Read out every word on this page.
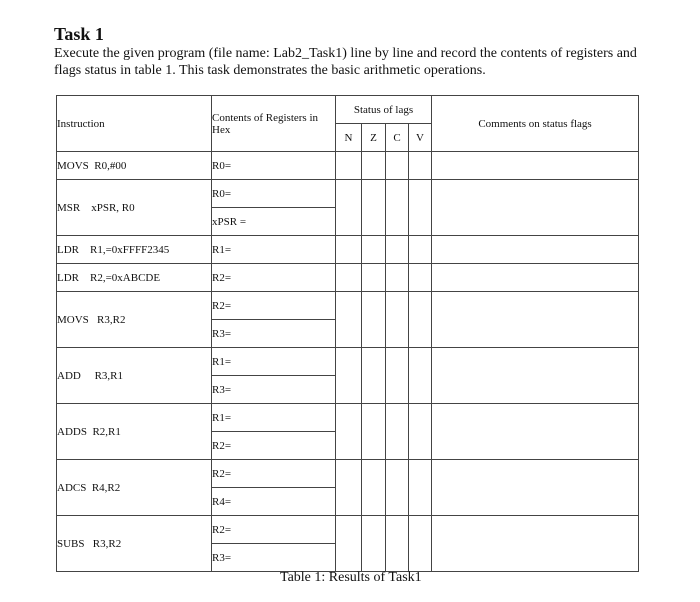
Task 1

Execute the given program (file name: Lab2_Task1) line by line and record the contents of registers and flags status in table 1. This task demonstrates the basic arithmetic operations.

Instruction	Contents of Registers in Hex	Status of lags				Comments on status flags
		N	Z	C	V	
MOVS  R0,#00	R0=					
MSR    xPSR, R0	R0=					
	xPSR =					
LDR    R1,=0xFFFF2345	R1=					
LDR    R2,=0xABCDE	R2=					
MOVS   R3,R2	R2=					
	R3=					
ADD     R3,R1	R1=					
	R3=					
ADDS  R2,R1	R1=					
	R2=					
ADCS  R4,R2	R2=					
	R4=					
SUBS   R3,R2	R2=					
	R3=					

Table 1: Results of Task1
